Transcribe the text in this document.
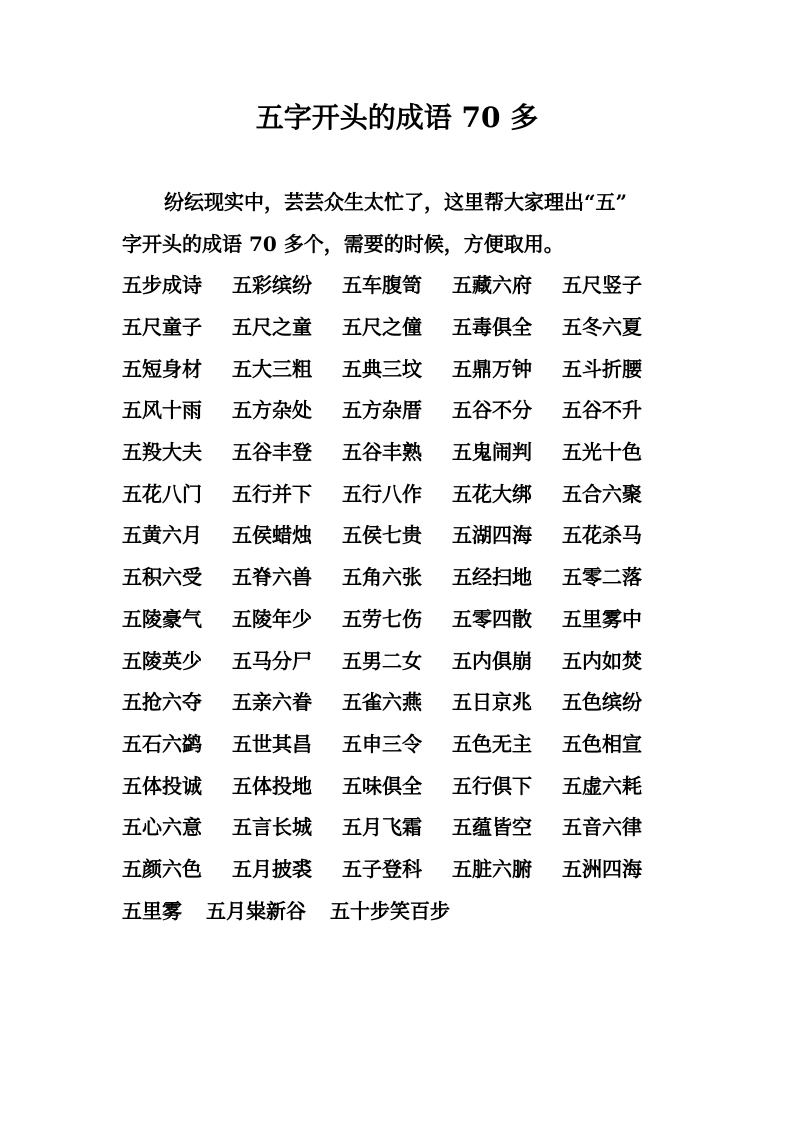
五字开头的成语 70 多
纷纭现实中，芸芸众生太忙了，这里帮大家理出“五”
字开头的成语 70 多个，需要的时候，方便取用。
五步成诗	五彩缤纷	五车腹笥	五藏六府	五尺竖子
五尺童子	五尺之童	五尺之僮	五毒俱全	五冬六夏
五短身材	五大三粗	五典三坟	五鼎万钟	五斗折腰
五风十雨	五方杂处	五方杂厝	五谷不分	五谷不升
五羖大夫	五谷丰登	五谷丰熟	五鬼闹判	五光十色
五花八门	五行并下	五行八作	五花大绑	五合六聚
五黄六月	五侯蜡烛	五侯七贵	五湖四海	五花杀马
五积六受	五脊六兽	五角六张	五经扫地	五零二落
五陵豪气	五陵年少	五劳七伤	五零四散	五里雾中
五陵英少	五马分尸	五男二女	五内俱崩	五内如焚
五抢六夺	五亲六眷	五雀六燕	五日京兆	五色缤纷
五石六鹢	五世其昌	五申三令	五色无主	五色相宣
五体投诚	五体投地	五味俱全	五行俱下	五虚六耗
五心六意	五言长城	五月飞霜	五蕴皆空	五音六律
五颜六色	五月披裘	五子登科	五脏六腑	五洲四海
五里雾 五月粜新谷 五十步笑百步
